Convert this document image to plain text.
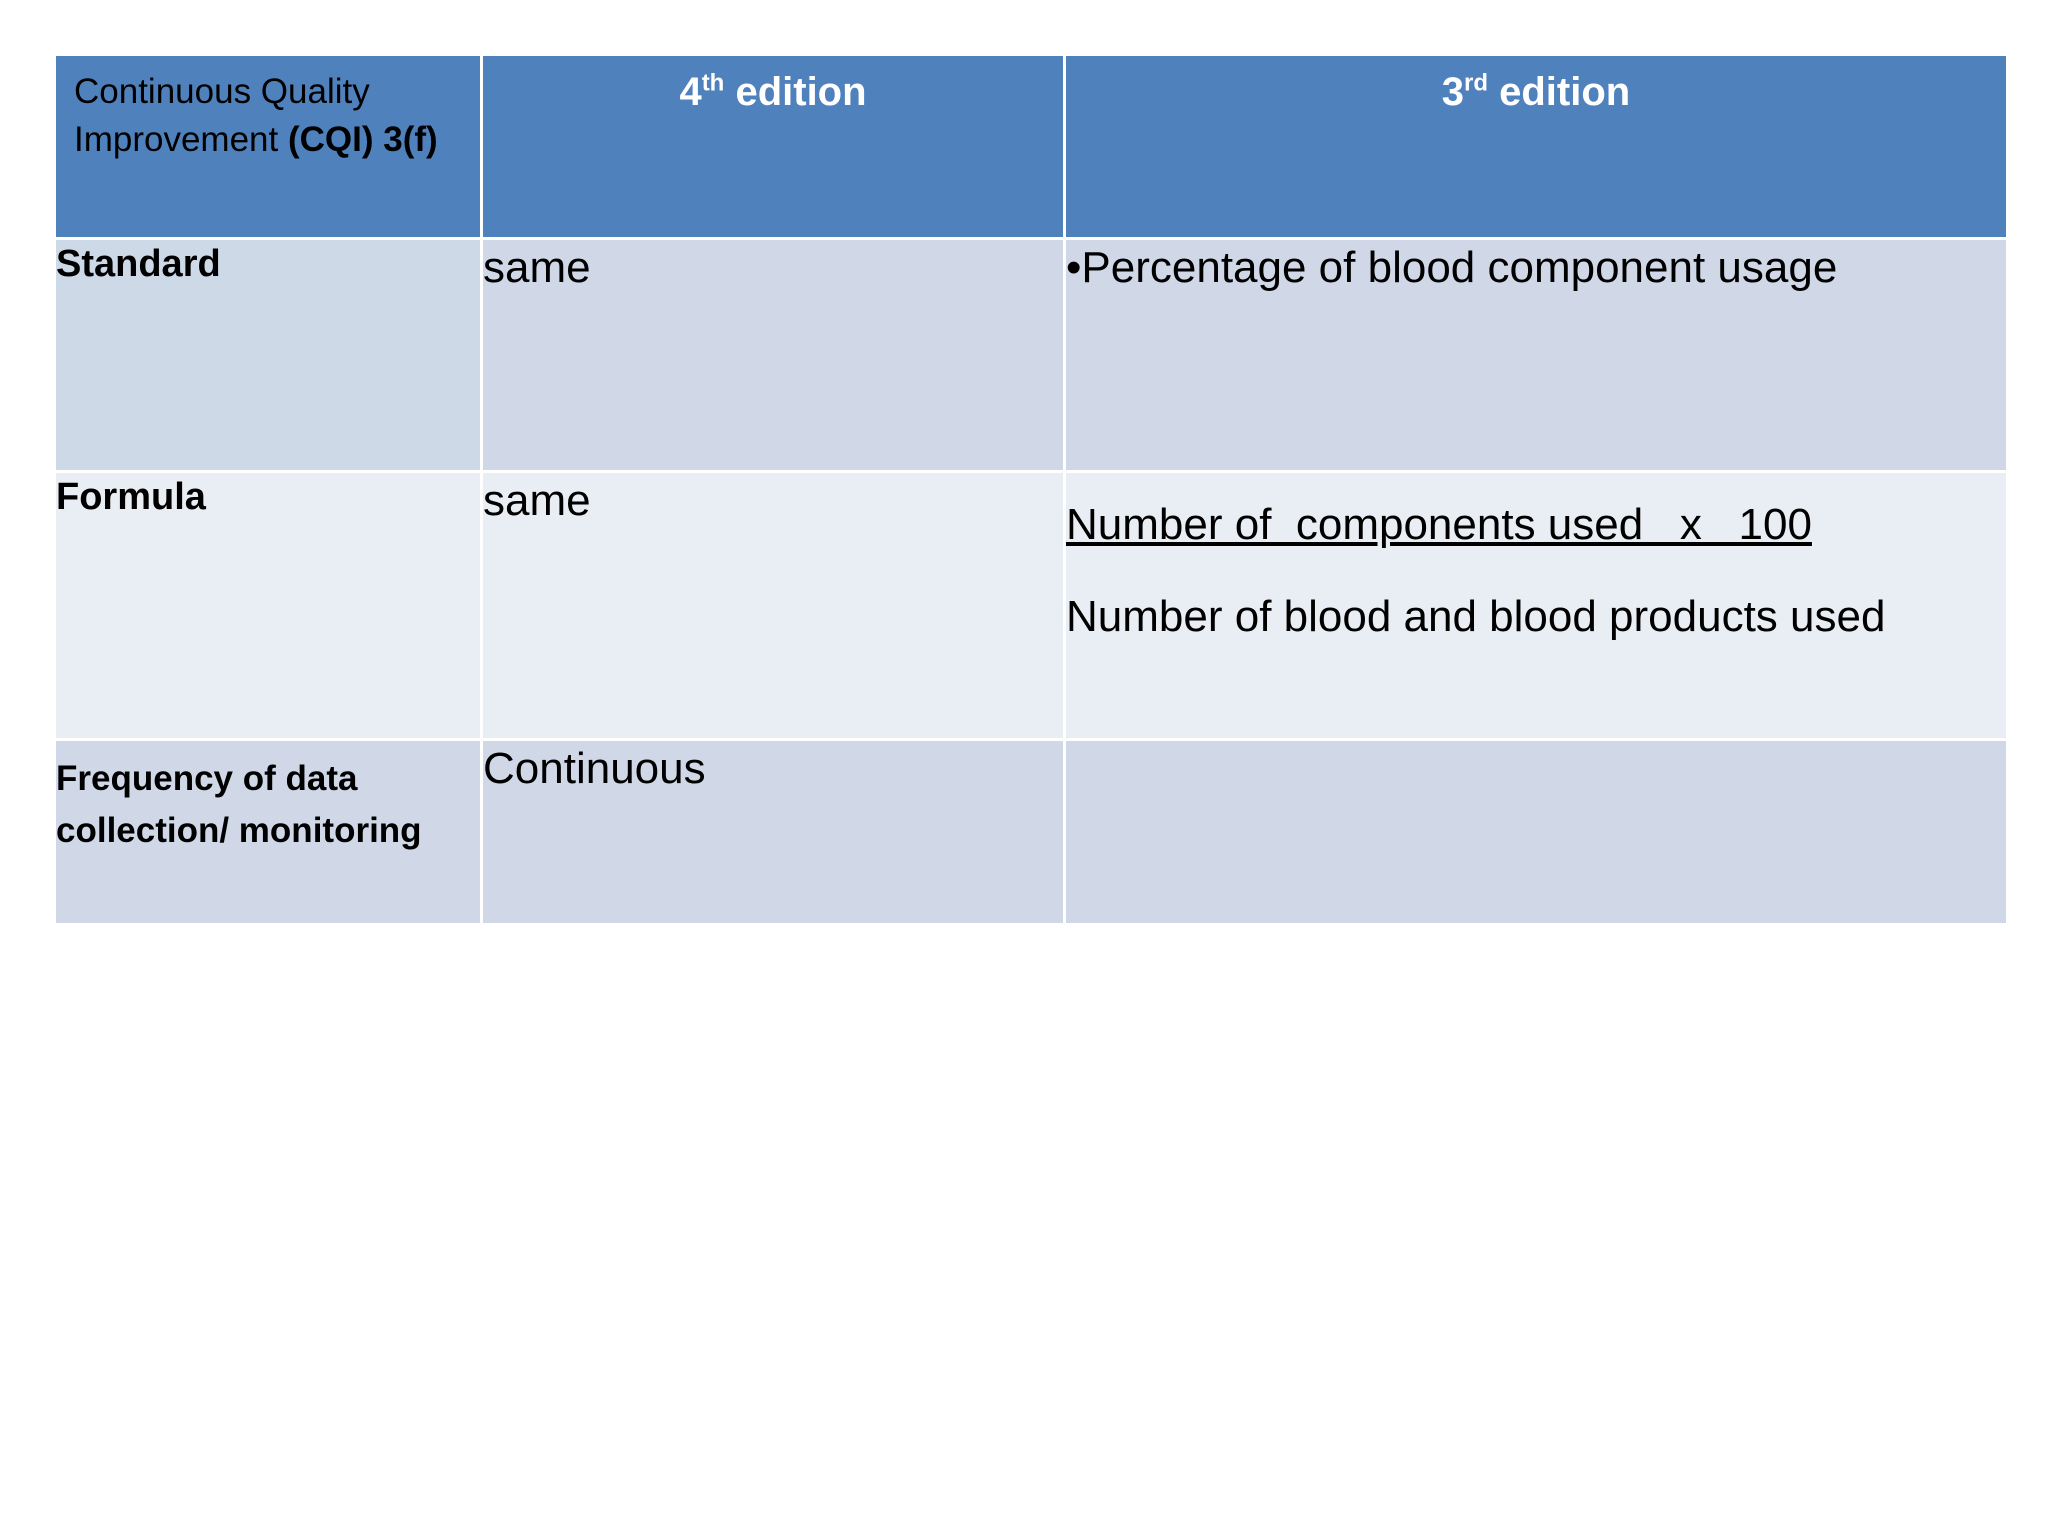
Continuous Quality Improvement (CQI) 3(f)	4th edition	3rd edition
Standard	same	•Percentage of blood component usage
Formula	same	Number of  components used   x   100
Number of blood and blood products used

Frequency of data collection/ monitoring	Continuous	
